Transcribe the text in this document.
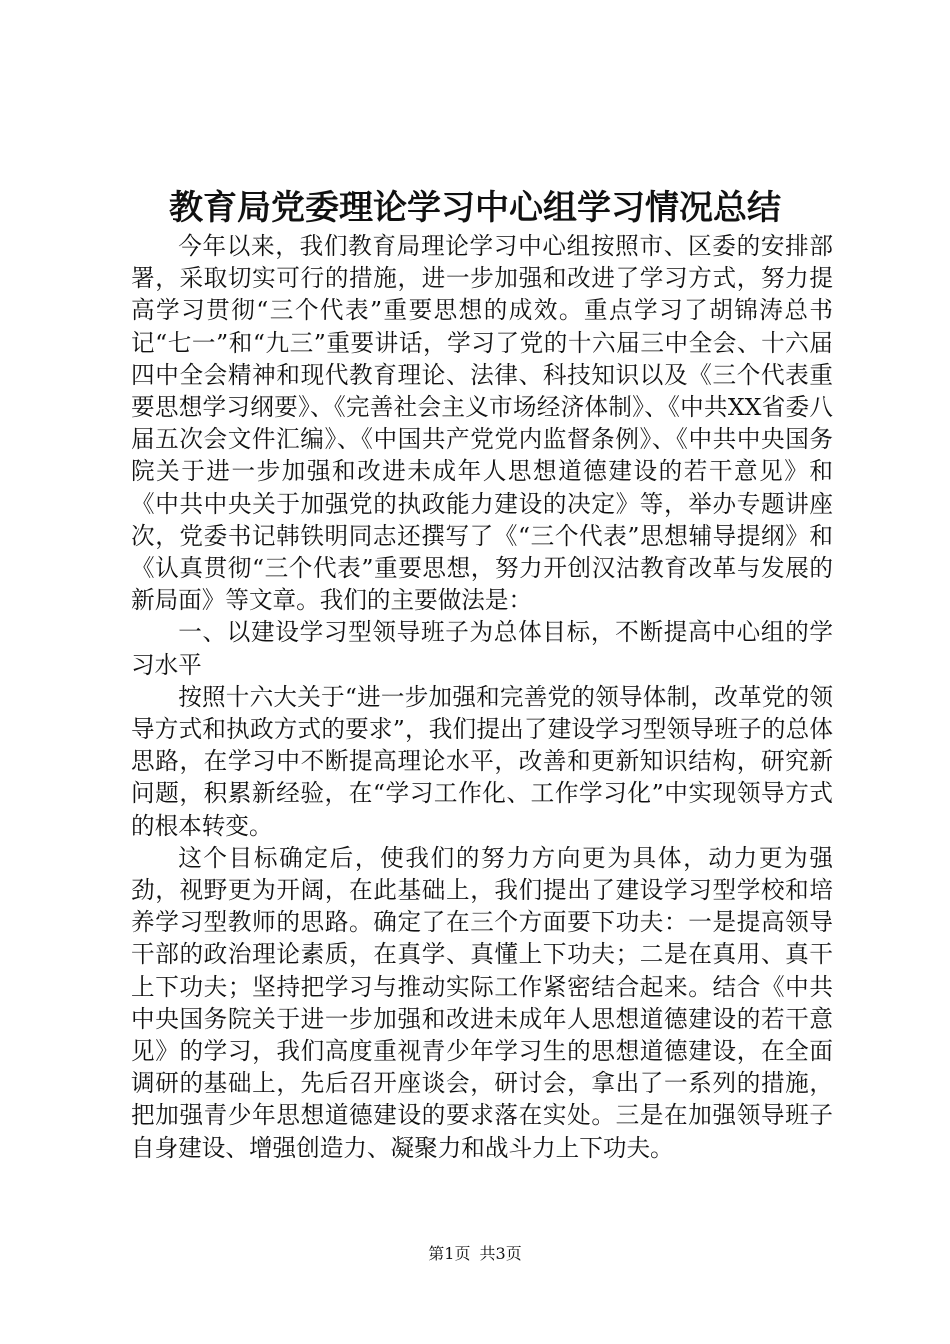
教育局党委理论学习中心组学习情况总结

今年以来，我们教育局理论学习中心组按照市、区委的安排部署，采取切实可行的措施，进一步加强和改进了学习方式，努力提高学习贯彻“三个代表”重要思想的成效。重点学习了胡锦涛总书记“七一”和“九三”重要讲话，学习了党的十六届三中全会、十六届四中全会精神和现代教育理论、法律、科技知识以及《三个代表重要思想学习纲要》、《完善社会主义市场经济体制》、《中共XX省委八届五次会文件汇编》、《中国共产党党内监督条例》、《中共中央国务院关于进一步加强和改进未成年人思想道德建设的若干意见》和《中共中央关于加强党的执政能力建设的决定》等，举办专题讲座次，党委书记韩铁明同志还撰写了《“三个代表”思想辅导提纲》和《认真贯彻“三个代表”重要思想，努力开创汉沽教育改革与发展的新局面》等文章。我们的主要做法是：

一、以建设学习型领导班子为总体目标，不断提高中心组的学习水平

按照十六大关于“进一步加强和完善党的领导体制，改革党的领导方式和执政方式的要求”，我们提出了建设学习型领导班子的总体思路，在学习中不断提高理论水平，改善和更新知识结构，研究新问题，积累新经验，在“学习工作化、工作学习化”中实现领导方式的根本转变。

这个目标确定后，使我们的努力方向更为具体，动力更为强劲，视野更为开阔，在此基础上，我们提出了建设学习型学校和培养学习型教师的思路。确定了在三个方面要下功夫：一是提高领导干部的政治理论素质，在真学、真懂上下功夫；二是在真用、真干上下功夫；坚持把学习与推动实际工作紧密结合起来。结合《中共中央国务院关于进一步加强和改进未成年人思想道德建设的若干意见》的学习，我们高度重视青少年学习生的思想道德建设，在全面调研的基础上，先后召开座谈会，研讨会，拿出了一系列的措施，把加强青少年思想道德建设的要求落在实处。三是在加强领导班子自身建设、增强创造力、凝聚力和战斗力上下功夫。

第1页 共3页
